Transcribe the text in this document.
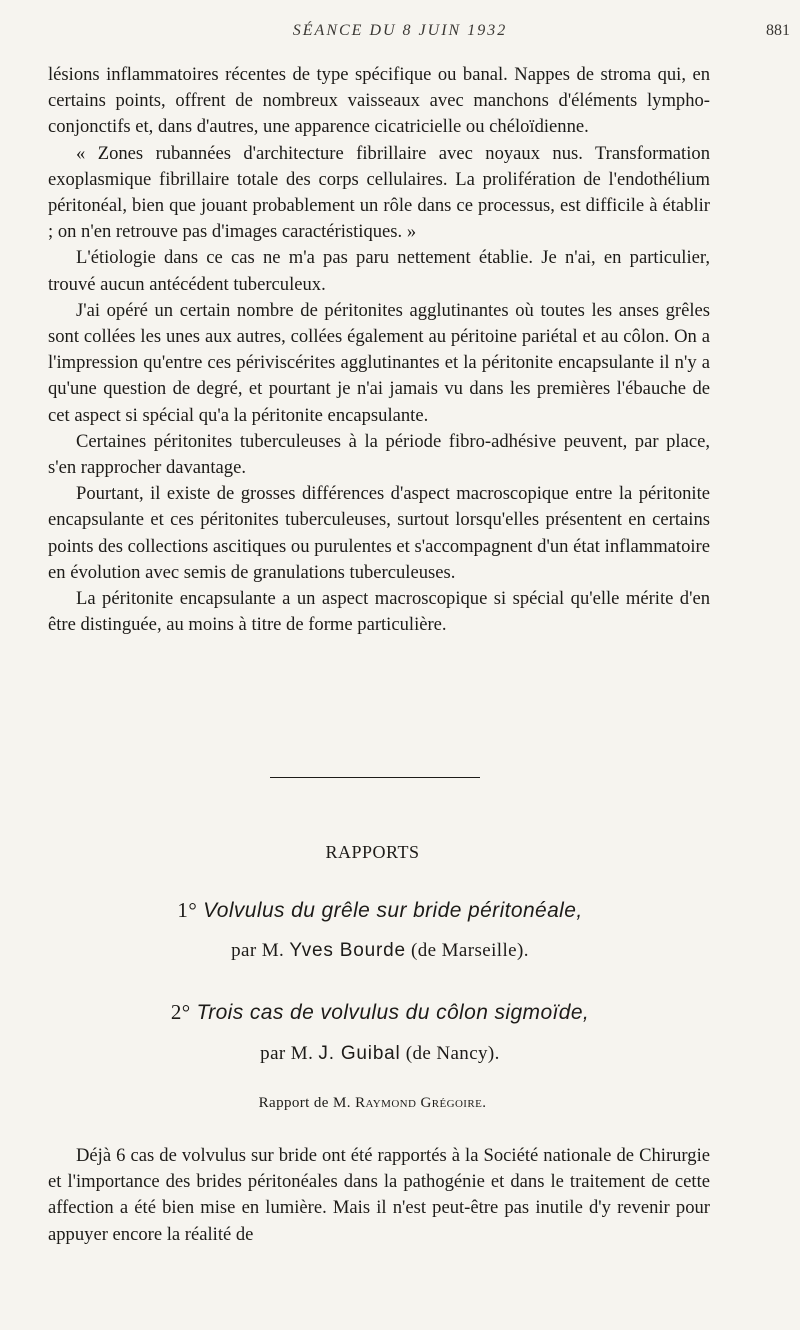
SÉANCE DU 8 JUIN 1932	881

lésions inflammatoires récentes de type spécifique ou banal. Nappes de stroma qui, en certains points, offrent de nombreux vaisseaux avec manchons d'éléments lympho-conjonctifs et, dans d'autres, une apparence cicatricielle ou chéloïdienne.

« Zones rubannées d'architecture fibrillaire avec noyaux nus. Transformation exoplasmique fibrillaire totale des corps cellulaires. La prolifération de l'endothélium péritonéal, bien que jouant probablement un rôle dans ce processus, est difficile à établir ; on n'en retrouve pas d'images caractéristiques. »

L'étiologie dans ce cas ne m'a pas paru nettement établie. Je n'ai, en particulier, trouvé aucun antécédent tuberculeux.

J'ai opéré un certain nombre de péritonites agglutinantes où toutes les anses grêles sont collées les unes aux autres, collées également au péritoine pariétal et au côlon. On a l'impression qu'entre ces périviscérites agglutinantes et la péritonite encapsulante il n'y a qu'une question de degré, et pourtant je n'ai jamais vu dans les premières l'ébauche de cet aspect si spécial qu'a la péritonite encapsulante.

Certaines péritonites tuberculeuses à la période fibro-adhésive peuvent, par place, s'en rapprocher davantage.

Pourtant, il existe de grosses différences d'aspect macroscopique entre la péritonite encapsulante et ces péritonites tuberculeuses, surtout lorsqu'elles présentent en certains points des collections ascitiques ou purulentes et s'accompagnent d'un état inflammatoire en évolution avec semis de granulations tuberculeuses.

La péritonite encapsulante a un aspect macroscopique si spécial qu'elle mérite d'en être distinguée, au moins à titre de forme particulière.

RAPPORTS
1° Volvulus du grêle sur bride péritonéale,
par M. Yves Bourde (de Marseille).
2° Trois cas de volvulus du côlon sigmoïde,
par M. J. Guibal (de Nancy).
Rapport de M. Raymond Grégoire.

Déjà 6 cas de volvulus sur bride ont été rapportés à la Société nationale de Chirurgie et l'importance des brides péritonéales dans la pathogénie et dans le traitement de cette affection a été bien mise en lumière. Mais il n'est peut-être pas inutile d'y revenir pour appuyer encore la réalité de
